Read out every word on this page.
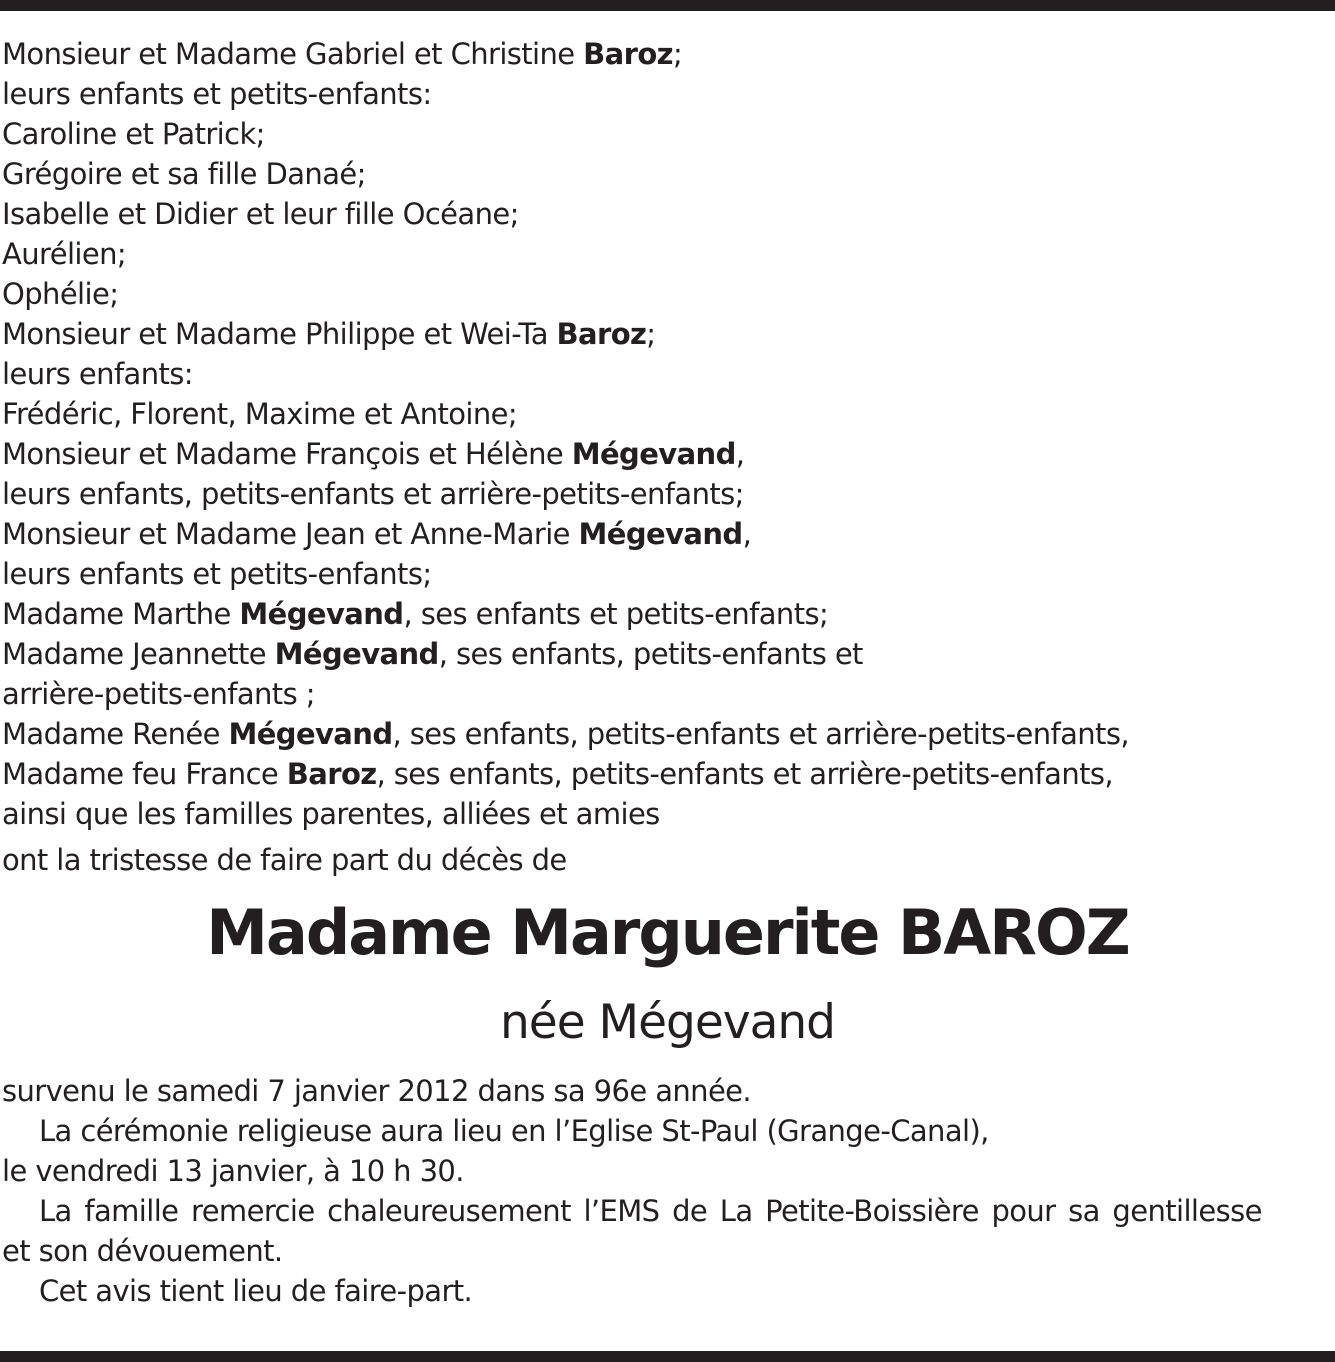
Monsieur et Madame Gabriel et Christine Baroz;
leurs enfants et petits-enfants:
Caroline et Patrick;
Grégoire et sa fille Danaé;
Isabelle et Didier et leur fille Océane;
Aurélien;
Ophélie;
Monsieur et Madame Philippe et Wei-Ta Baroz;
leurs enfants:
Frédéric, Florent, Maxime et Antoine;
Monsieur et Madame François et Hélène Mégevand,
leurs enfants, petits-enfants et arrière-petits-enfants;
Monsieur et Madame Jean et Anne-Marie Mégevand,
leurs enfants et petits-enfants;
Madame Marthe Mégevand, ses enfants et petits-enfants;
Madame Jeannette Mégevand, ses enfants, petits-enfants et
arrière-petits-enfants ;
Madame Renée Mégevand, ses enfants, petits-enfants et arrière-petits-enfants,
Madame feu France Baroz, ses enfants, petits-enfants et arrière-petits-enfants,
ainsi que les familles parentes, alliées et amies
ont la tristesse de faire part du décès de
Madame Marguerite BAROZ
née Mégevand
survenu le samedi 7 janvier 2012 dans sa 96e année.
La cérémonie religieuse aura lieu en l’Eglise St-Paul (Grange-Canal),
le vendredi 13 janvier, à 10 h 30.
La famille remercie chaleureusement l’EMS de La Petite-Boissière pour sa gentillesse
et son dévouement.
Cet avis tient lieu de faire-part.
